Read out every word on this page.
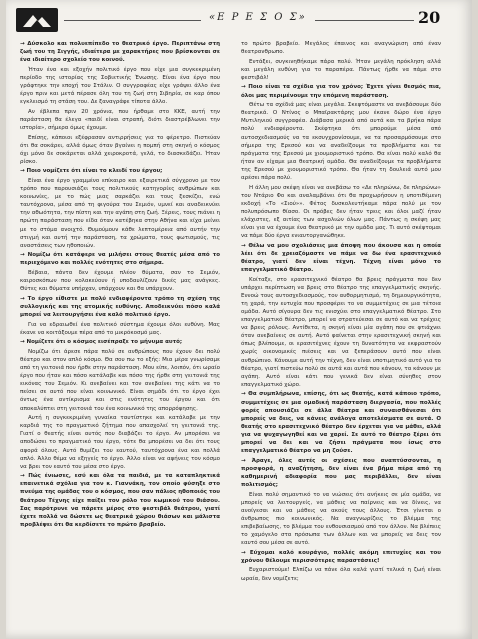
«Ε Ρ Ε Σ Ο Σ»	20

→ Δύσκολο και πολυεπίπεδο το θεατρικό έργο. Περιπτάνω στη ζωή του τη Σιγγής, ιδιαίτερα με χαρακτήρες που βρίσκονται σε ένα ιδιαίτερο σχολείο του κοινού.

Ήταν ένα και εξοχήν πολιτικό έργο που είχε μια συγκεκριμένη περίοδο της ιστορίας της Σοβιετικής Ένωσης. Είναι ένα έργο που γράφτηκε την εποχή του Στάλιν. Ο συγγραφέας είχε γράψει άλλο ένα έργο πριν και μετά πέρασε όλη του τη ζωή στη Σιβηρία, σε καρ όπου εγκλεισμό τη στάση του. Δε ξαναγράφε τίποτα άλλο.

Αν έβλεπα πριν 20 χρόνια, που ήρθαμε στο ΚΚΕ, αυτή την παράσταση θα έλεγα «παιδί είναι στραπή, διότι διαστρέβλωνει την ιστορία», σήμερα όμως έχουμε.

Επίσης, κάποιοι εξέφρασαν αντιρρήσεις για το φέρετρο. Πιστεύαν ότι θα σοκάρει, αλλά όμως όταν βγαίνει η πομπή στη σκηνή ο κόσμος όχι μόνο δε σοκάρεται αλλά χειροκροτά, γελά, το διασκεδάζει. Ήταν ρίσκο.

→ Ποιο νομίζετε ότι είναι το κλειδί του έργου;

Είναι ένα έργο γραμμένο επίκαιρο και εξαιρετικά σύγχρονο με τον τρόπο που παρουσιάζει τους πολιτικούς κατηγορίες ανθρώπων και κοινωνίες, με το πώς μιας σαρκάζει και τους ξεσκίζει, ενώ ταυτόχρονα, μέσα από τη φιγούρα του Σεμιόν, υμνεί και αναδεικνύει την αθωότητα, την πίστη και την αγάπη στη ζωή. Ξέρεις, τους πιάνει η πρώτη παράσταση που είδα όταν κατέβηκα στην Αθήνα και είχα μείνει με το στόμα ανοιχτό. Θυμούμουν κάθε λεπτομέρεια από αυτήν την στιγμή και αυτή την παράσταση, τα χρώματα, τους φωτισμούς, τις αναστάσεις των ηθοποιών.

→ Νομίζω ότι κατάφερε να μιλήσει στους θεατές μέσα από το περιεχόμενο και πολλές ενότητες στο σήμερα.

Βέβαια, πάντα δεν έχουμε πλέον θύματα, σαν το Σεμιόν, καιροσκόπων που κολακεύουν ή υποδαυλίζουν δικές μας ανάγκες. Θύτες και θύματα υπήρχαν, υπάρχουν και θα υπάρχουν.

→ Το έργο είθιστε με πολύ ενδιαφέροντα τρόπο τη σχέση της συλλογικής και της ατομικής ευθύνης. Αποδεικνύει πόσο καλά μπορεί να λειτουργήσει ένα καλό πολιτικό έργο.

Για να εδραιωθεί ένα πολιτικό σύστημα έχουμε όλοι ευθύνη. Μας έκανε να κοιτάξουμε πέρα από το μικρόκοσμό μας.

→ Νομίζετε ότι ο κόσμος εισέπραξε το μήνυμα αυτό;

Νομίζω ότι άρεσε πάρα πολύ σε ανθρώπους που έχουν δει πολύ θέατρο και στον απλό κόσμο. Θα σου πω το εξής: Μια μέρα γνωρίσαμε από τη γειτονιά που ήρθε στην παράσταση. Μου είπε, λοιπόν, ότι ωραίο έργο που ήταν και πόσο κατάλαβε και πόσο της ήρθε στη γειτονιά της εικόνας του Σεμιόν. Κι ανεβαίνει και τον ανεβαίνει της κάτι να το πείσει σε αυτό που είναι κοινωνικό. Είναι σημάδι ότι το έργο έχει όντως ένα αντίκρισμα και στις ενότητες του έργου και ότι αποκαλύπτει στη γειτονιά του ένα κοινωνικό της απορρόφησης.

Αυτή η συγκεκριμένη γυναίκα ταυτίστηκε και κατάλαβε με την καρδιά της το πραγματικό ζήτημα που απασχολεί τη γειτονιά της. Γιατί ο θεατής είναι αυτός που διαβάζει το έργο. Αν μπορέσει να αποδώσει το πραγματικό του έργο, τότε θα μπορέσει να δει ότι τους αφορά όλους. Αυτό θυμίζει του εαυτού, ταυτόχρονα ένα και πολλά απλό. Άλλο θέμα να εξηγείς το έργο. Άλλο είναι να αφήνεις τον κόσμο να βρει τον εαυτό του μέσα στο έργο.

→ Πώς ένιωσες, εσύ και όλα τα παιδιά, με τα καταπληκτικά επαινετικά σχόλια για τον κ. Γιαννάκη, τον οποίο φύσηξε στο πνεύμα της ομάδας του ο κόσμος, που σαν πάλιος ηθοποιός του θεάτρου Τέχνης είχε παίξει τον ρόλο του κωμικού του θιάσου. Σας παρότρυνε να πάρετε μέρος στο φεστιβάλ θεάτρου, γιατί έχετε πολλά να δώσετε ως θεατρικά χώρου θιάσων και μάλιστα προβλέψει ότι θα κερδίσετε το πρώτο βραβείο.

το πρώτο βραβείο. Μεγάλος έπαινος και αναγνώριση από έναν θεατρανθρωπο.

Εντάξει, συγκινηθήκαμε πάρα πολύ. Ήταν μεγάλη πρόκληση αλλά και μεγάλη ευθύνη για το παραπέρα. Πάντως ήρθε να πάμε στο φεστιβάλ!

→ Ποιο είναι τα σχέδια για τον χρόνο; Έχετε γίνει θεσμός πια, όλοι μας περιμένουμε την επόμενη παράσταση.

Θέτω τα σχέδιά μας είναι μεγάλα. Σκεφτόμαστε να ανεβάσουμε δύο θεατρικά. Ο Ντίνος ο Μπαϊρακτάρης μου έκανε δώρο ένα έργο Μυτιληνιού συγγραφέα. Διάβασα μερικά από αυτά και τα βρήκα πάρα πολύ ενδιαφέροντα. Σκέφτηκα ότι μπορούμε μέσα από αυτοσχεδιασμούς να τα εκσυγχρονίσουμε, να τα προσαρμόσουμε στο σήμερα της Ερεσού και να αναδείξουμε τα προβλήματα και τα πράγματα της Ερεσού με χιουμοριστικό τρόπο. Θα είναι πολύ καλό θα ήταν αν είχαμε μια θεατρική ομάδα. Θα αναδείξουμε τα προβλήματα της Ερεσού με χιουμοριστικό τρόπο. Θα ήταν τη δουλειά αυτό μου αρέσει πάρα πολύ.

Η άλλη μου σκέψη είναι να ανεβάσω το «Δε πληρώνω, δε πληρώνω» του Ντάριο Φο και αναλαμβάνει ότι θα προχωρήσουν η υποτιθέμενη εκδοχή «Το «Σιού»». Φέτος δυσκολευτήκαμε πάρα πολύ με τον πολυπρόσωπο θίασο. Οι πρόβες δεν ήταν τρεις και όλοι μαζί ήταν ελάχιστες, εξ αιτίας των ασχολιών όλων μας. Πάντως η σκέψη μας είναι για να έχουμε ένα θεατρικό με την ομάδα μας. Τι αυτό σκέφτομαι να πάμε δύο έργα ενιαυτοργανώθηκε.

→ Θέλω να μου σχολιάσεις μια άποψη που άκουσα και η οποία λέει ότι δε χρειαζόμαστε να πάμε να δω ένα ερασιτεχνικό θέατρο, γιατί δεν είναι τέχνη. Τέχνη είναι μόνο το επαγγελματικό θέατρο.

Κοίταξε, στο ερασιτεχνικό θέατρο θα βρεις πράγματα που δεν υπάρχει περίπτωση να βρεις στο θέατρο της επαγγελματικής σκηνής. Εννοώ τους αυτοσχεδιασμούς, τον αυθορμητισμό, τη δημιουργικότητα, τη χαρά, την ευτυχία που προσφέρει το να συμμετέχεις σε μια τέτοια ομάδα. Αυτό σίγουρα δεν τις ενισχύει στο επαγγελματικό θέατρο. Στο επαγγελματικό θέατρο, μπορεί να στρατεύεσαι σε αυτό και να τρέχεις να βρεις ρόλους. Αντίθετα, η σκηνή είναι μία αγάπη που σε φτιάχνει όταν ανεβαίνεις σε αυτή. Αυτό φαίνεται στην ερασιτεχνική σκηνή και όπως βλέπουμε, οι ερασιτέχνες έχουν τη δυνατότητα να εκφραστούν χωρίς οικονομικές πιέσεις και να ξεπεράσουν αυτό που είναι ανθρώπινο. Κάνουμε αυτή την τέχνη, δεν είναι υποτιμητικό αυτό για το θέατρο, γιατί πιστεύω πολύ σε αυτά και αυτά που κάνουν, τα κάνουν με αγάπη. Αυτό είναι κάτι που γενικά δεν είναι σύνηθες στον επαγγελματικό χώρο.

→ Θα συμπλήρωνα, επίσης, ότι ως θεατής, κατά κάποιο τρόπο, συμμετέχεις σε μια ομαδική παράσταση διεργασία, που πολλές φορές απουσιάζει σε άλλα θέατρα και συναισθάνεσαι ότι μπορείς να δεις, να κάνεις ανάλογα αποτελέσματα σε αυτά. Ο θεατής στο ερασιτεχνικό θέατρο δεν έρχεται για να μάθει, αλλά για να ψυχαγωγηθεί και να χαρεί. Σε αυτό το θέατρο ξέρει ότι μπορεί να δει και να ζήσει πράγματα που ίσως στο επαγγελματικό θέατρο να μη ζούσε.

→ Άραγε, όλες αυτές οι σχέσεις που αναπτύσσονται, η προσφορά, η αναζήτηση, δεν είναι ένα βήμα πέρα από τη καθημερινή αδιαφορία που μας περιβάλλει, δεν είναι πολιτισμός;

Είναι πολύ σημαντικό το να νιώσεις ότι ανήκεις σε μία ομάδα, να μπορείς να λειτουργείς, να μάθεις να παίρνεις και να δίνεις, να ανοίγεσαι και να μάθεις να ακούς τους άλλους. Έτσι γίνεται ο άνθρωπος πιο κοινωνικός. Να αναγνωρίζεις το βλέμμα της επιβεβαίωσης, το βλέμμα του ενθουσιασμού από τον άλλον. Να βλέπεις το χαμόγελο στα πρόσωπα των άλλων και να μπορείς να δεις τον εαυτό σου μέσα σε αυτό.

→ Εύχομαι καλό κουράγιο, πολλές ακόμη επιτυχίες και του χρόνου θέλουμε περισσότερες παραστάσεις!

Ευχαριστούμε! Ελπίζω να πάνε όλα καλά γιατί τελικά η ζωή είναι ωραία, δεν νομίζετε;
